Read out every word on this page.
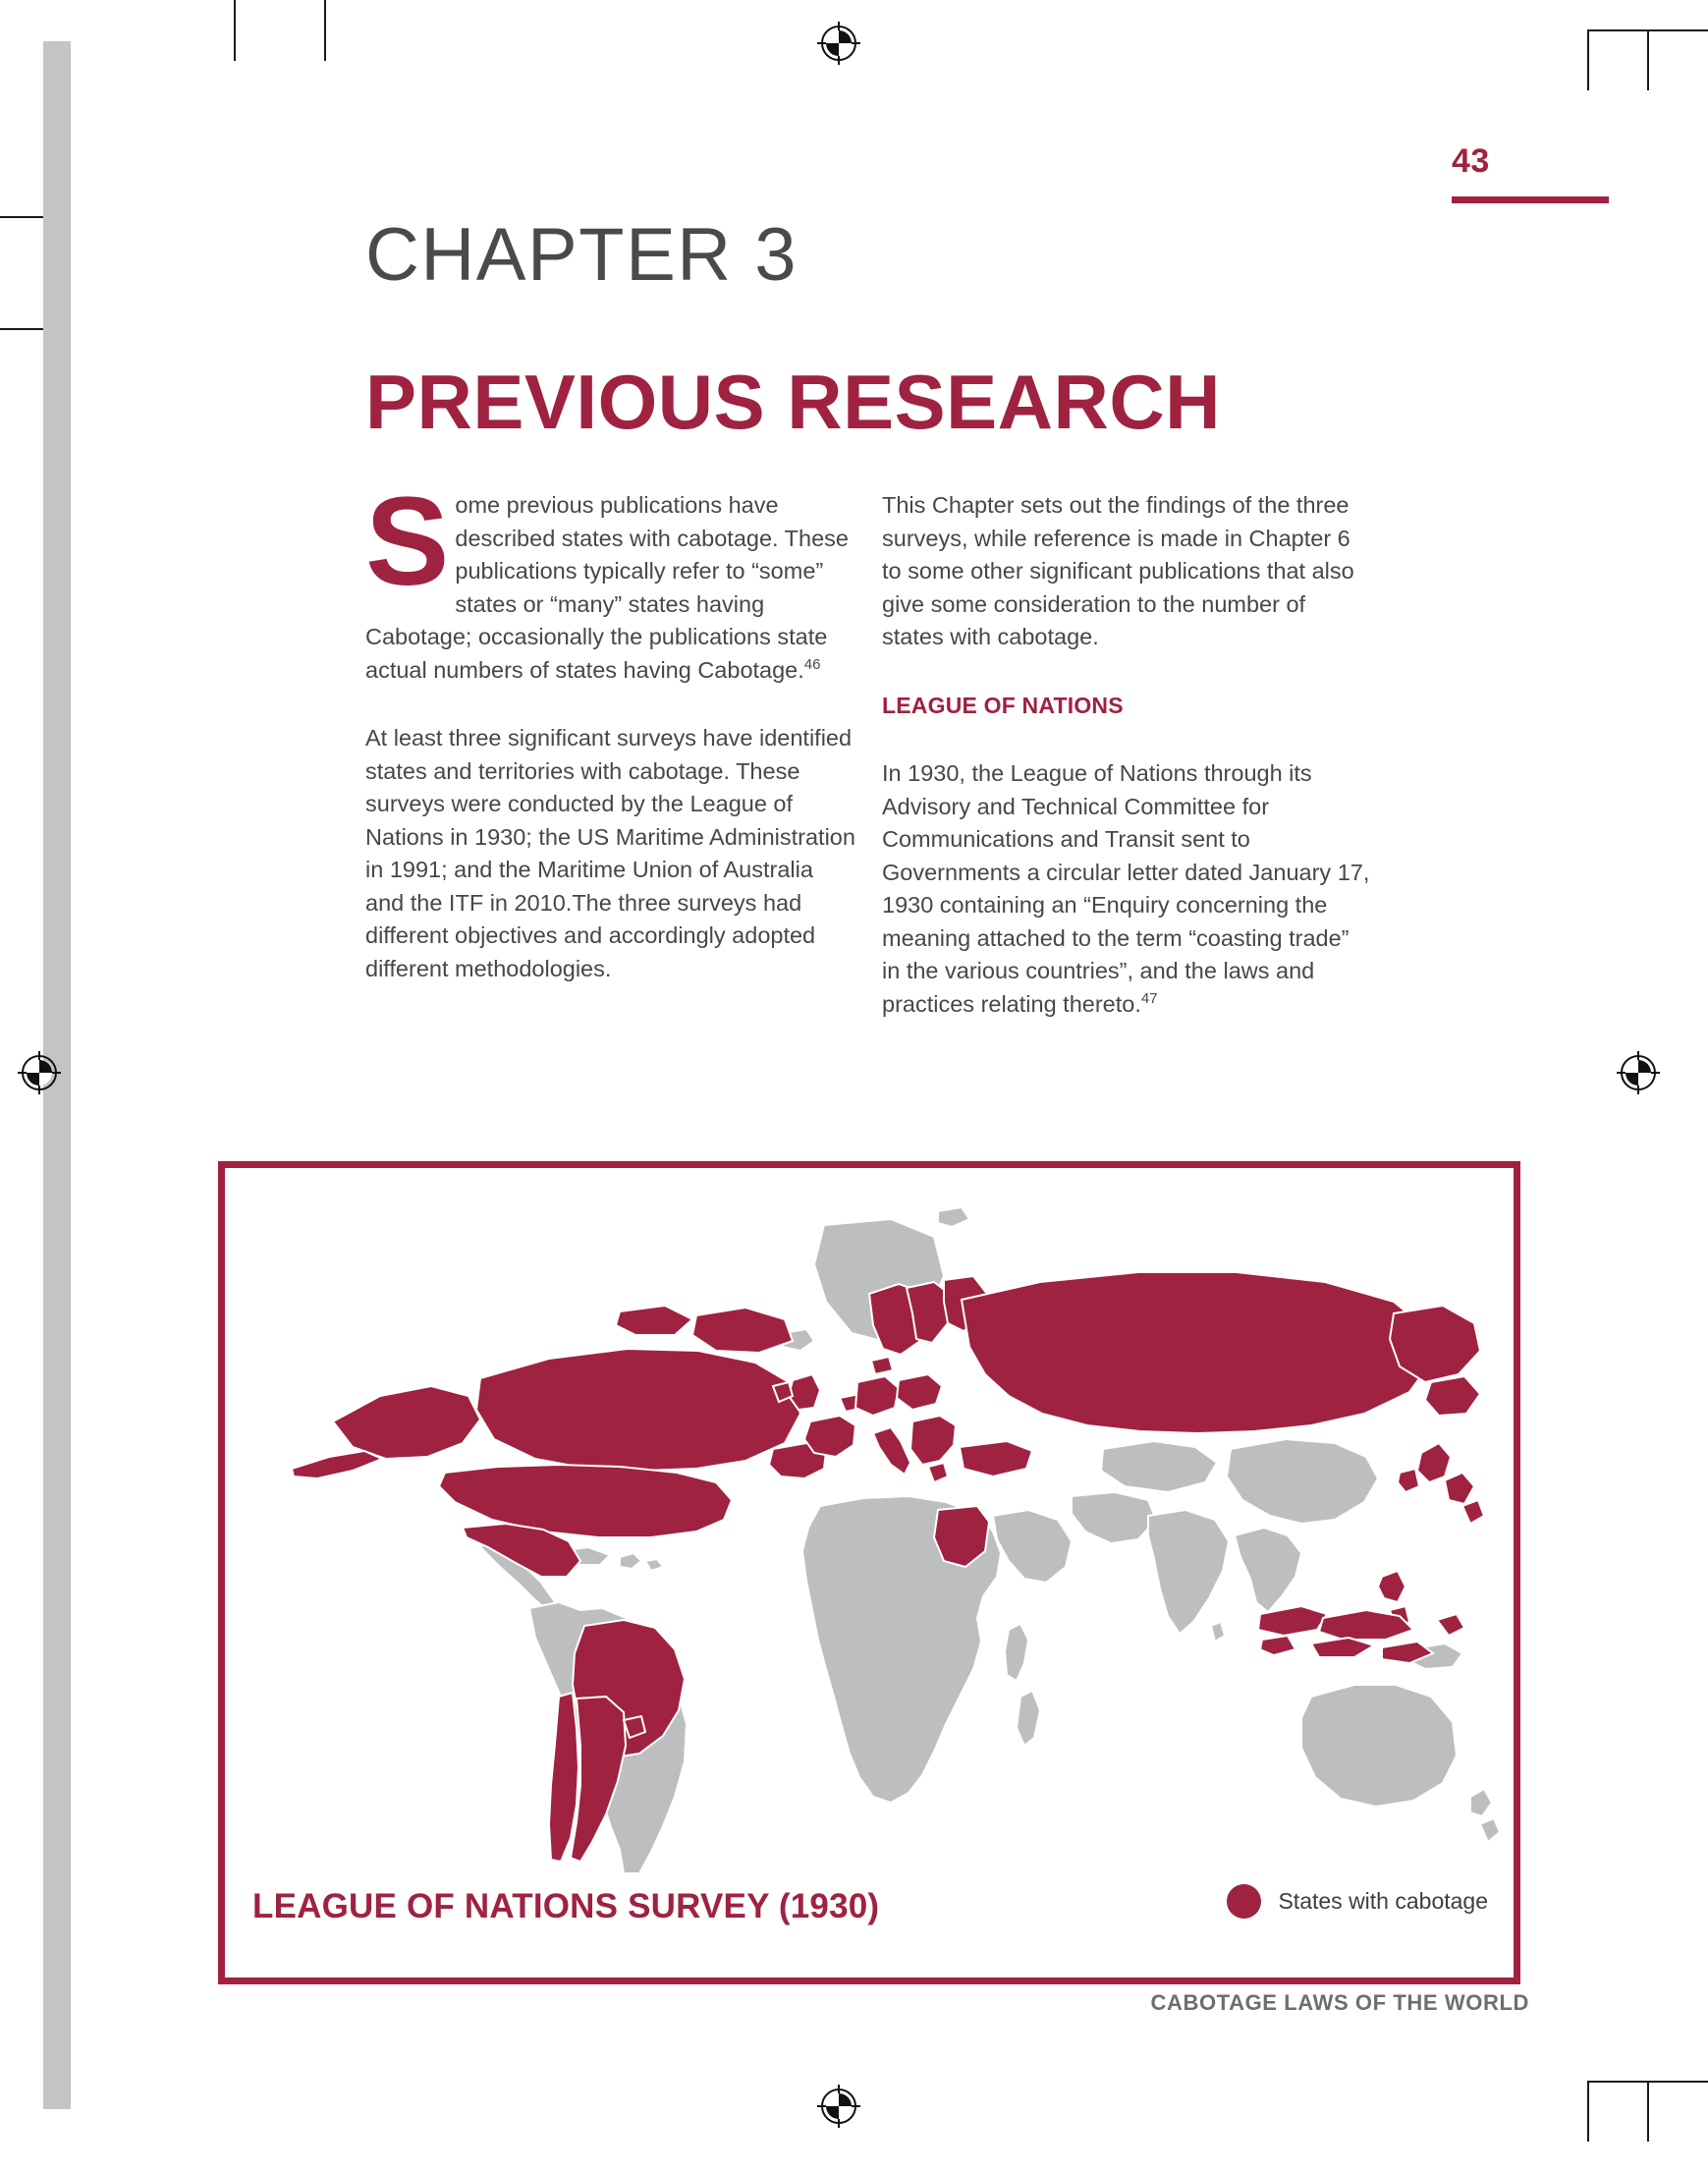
43
CHAPTER 3
PREVIOUS RESEARCH

Some previous publications have described states with cabotage. These publications typically refer to “some” states or “many” states having Cabotage; occasionally the publications state actual numbers of states having Cabotage.$^{46}$

At least three significant surveys have identified states and territories with cabotage. These surveys were conducted by the League of Nations in 1930; the US Maritime Administration in 1991; and the Maritime Union of Australia and the ITF in 2010.The three surveys had different objectives and accordingly adopted different methodologies.

This Chapter sets out the findings of the three surveys, while reference is made in Chapter 6 to some other significant publications that also give some consideration to the number of states with cabotage.

LEAGUE OF NATIONS

In 1930, the League of Nations through its Advisory and Technical Committee for Communications and Transit sent to Governments a circular letter dated January 17, 1930 containing an “Enquiry concerning the meaning attached to the term “coasting trade” in the various countries”, and the laws and practices relating thereto.$^{47}$

LEAGUE OF NATIONS SURVEY (1930)	States with cabotage
CABOTAGE LAWS OF THE WORLD
